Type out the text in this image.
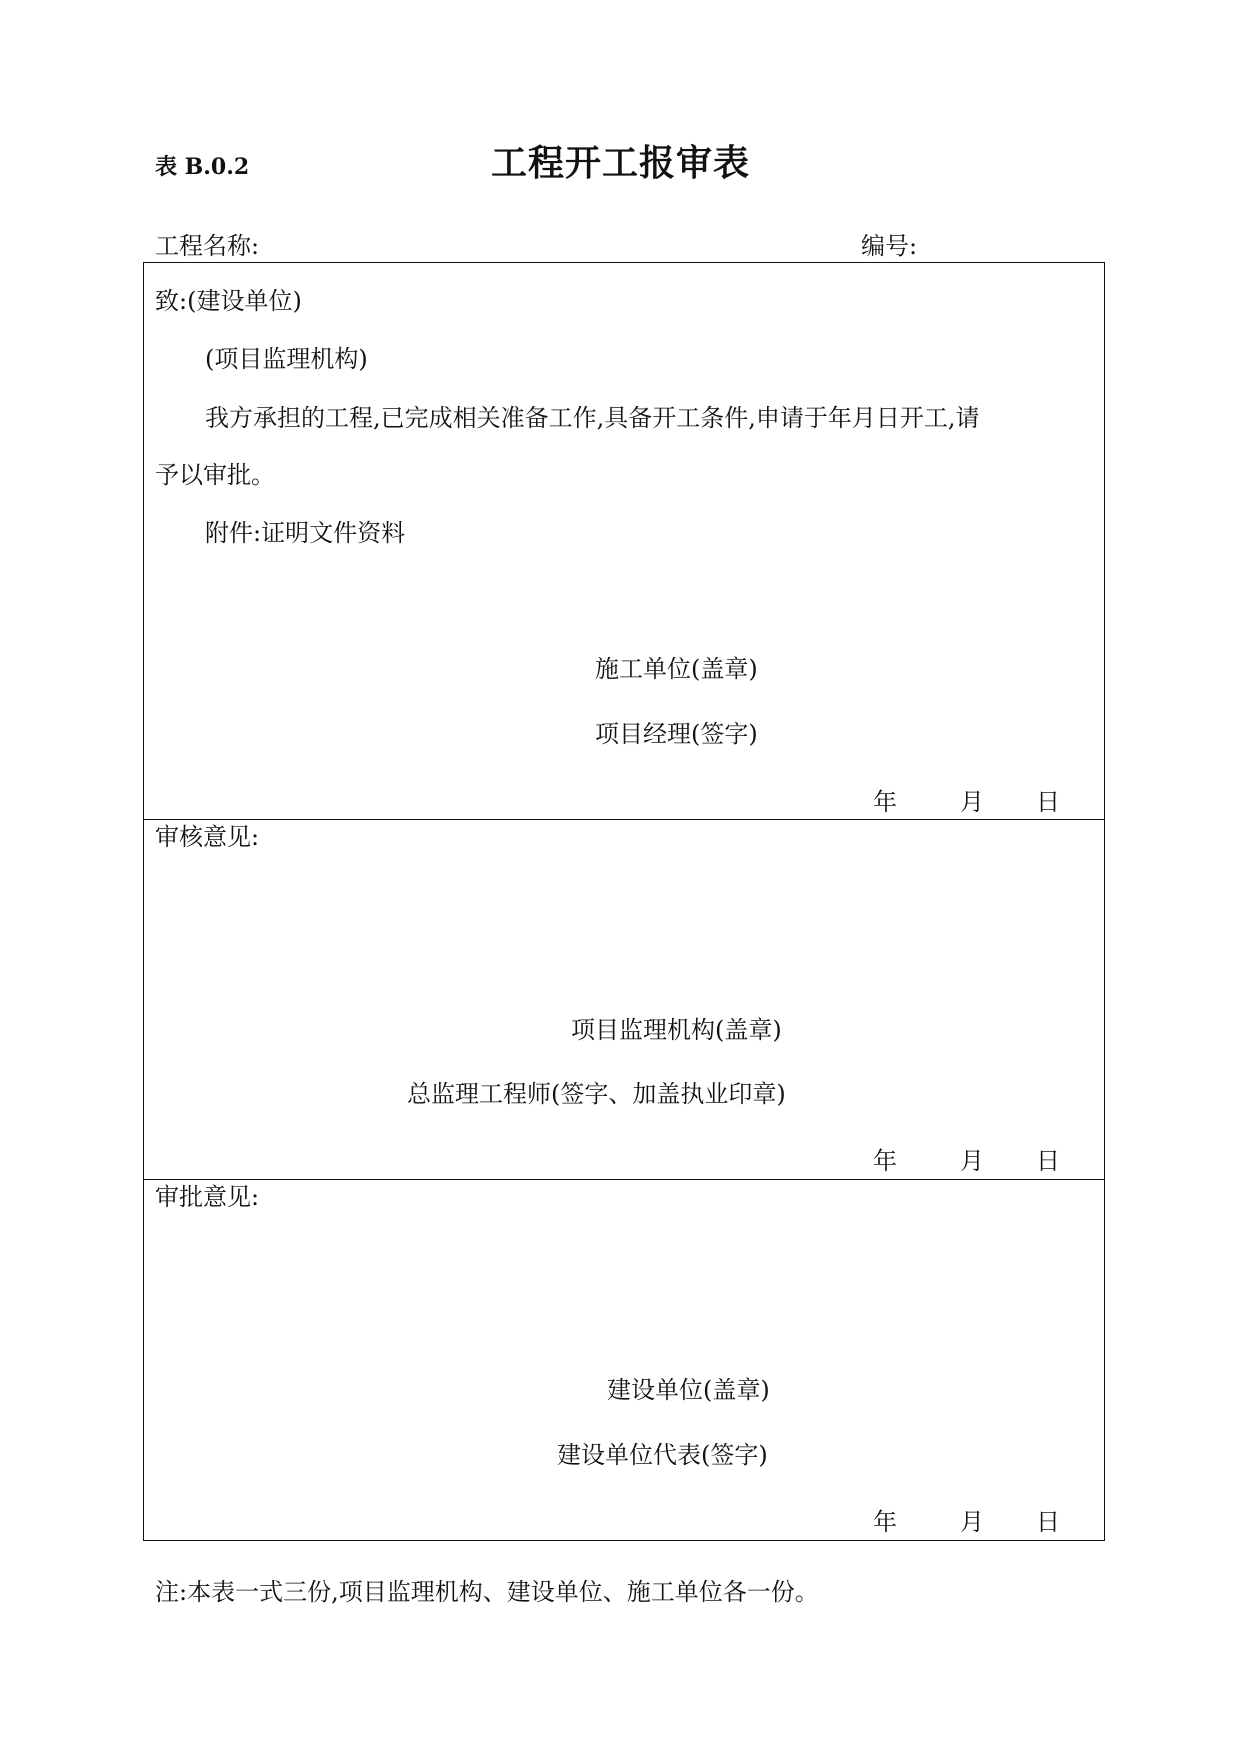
表 B.0.2	工程开工报审表
工程名称:	编号:
致:(建设单位)
(项目监理机构)
我方承担的工程,已完成相关准备工作,具备开工条件,申请于年月日开工,请
予以审批。
附件:证明文件资料
施工单位(盖章)
项目经理(签字)
年	月 日
审核意见:
项目监理机构(盖章)
总监理工程师(签字、加盖执业印章)
年	月 日
审批意见:
建设单位(盖章)
建设单位代表(签字)
年	月 日
注:本表一式三份,项目监理机构、建设单位、施工单位各一份。
